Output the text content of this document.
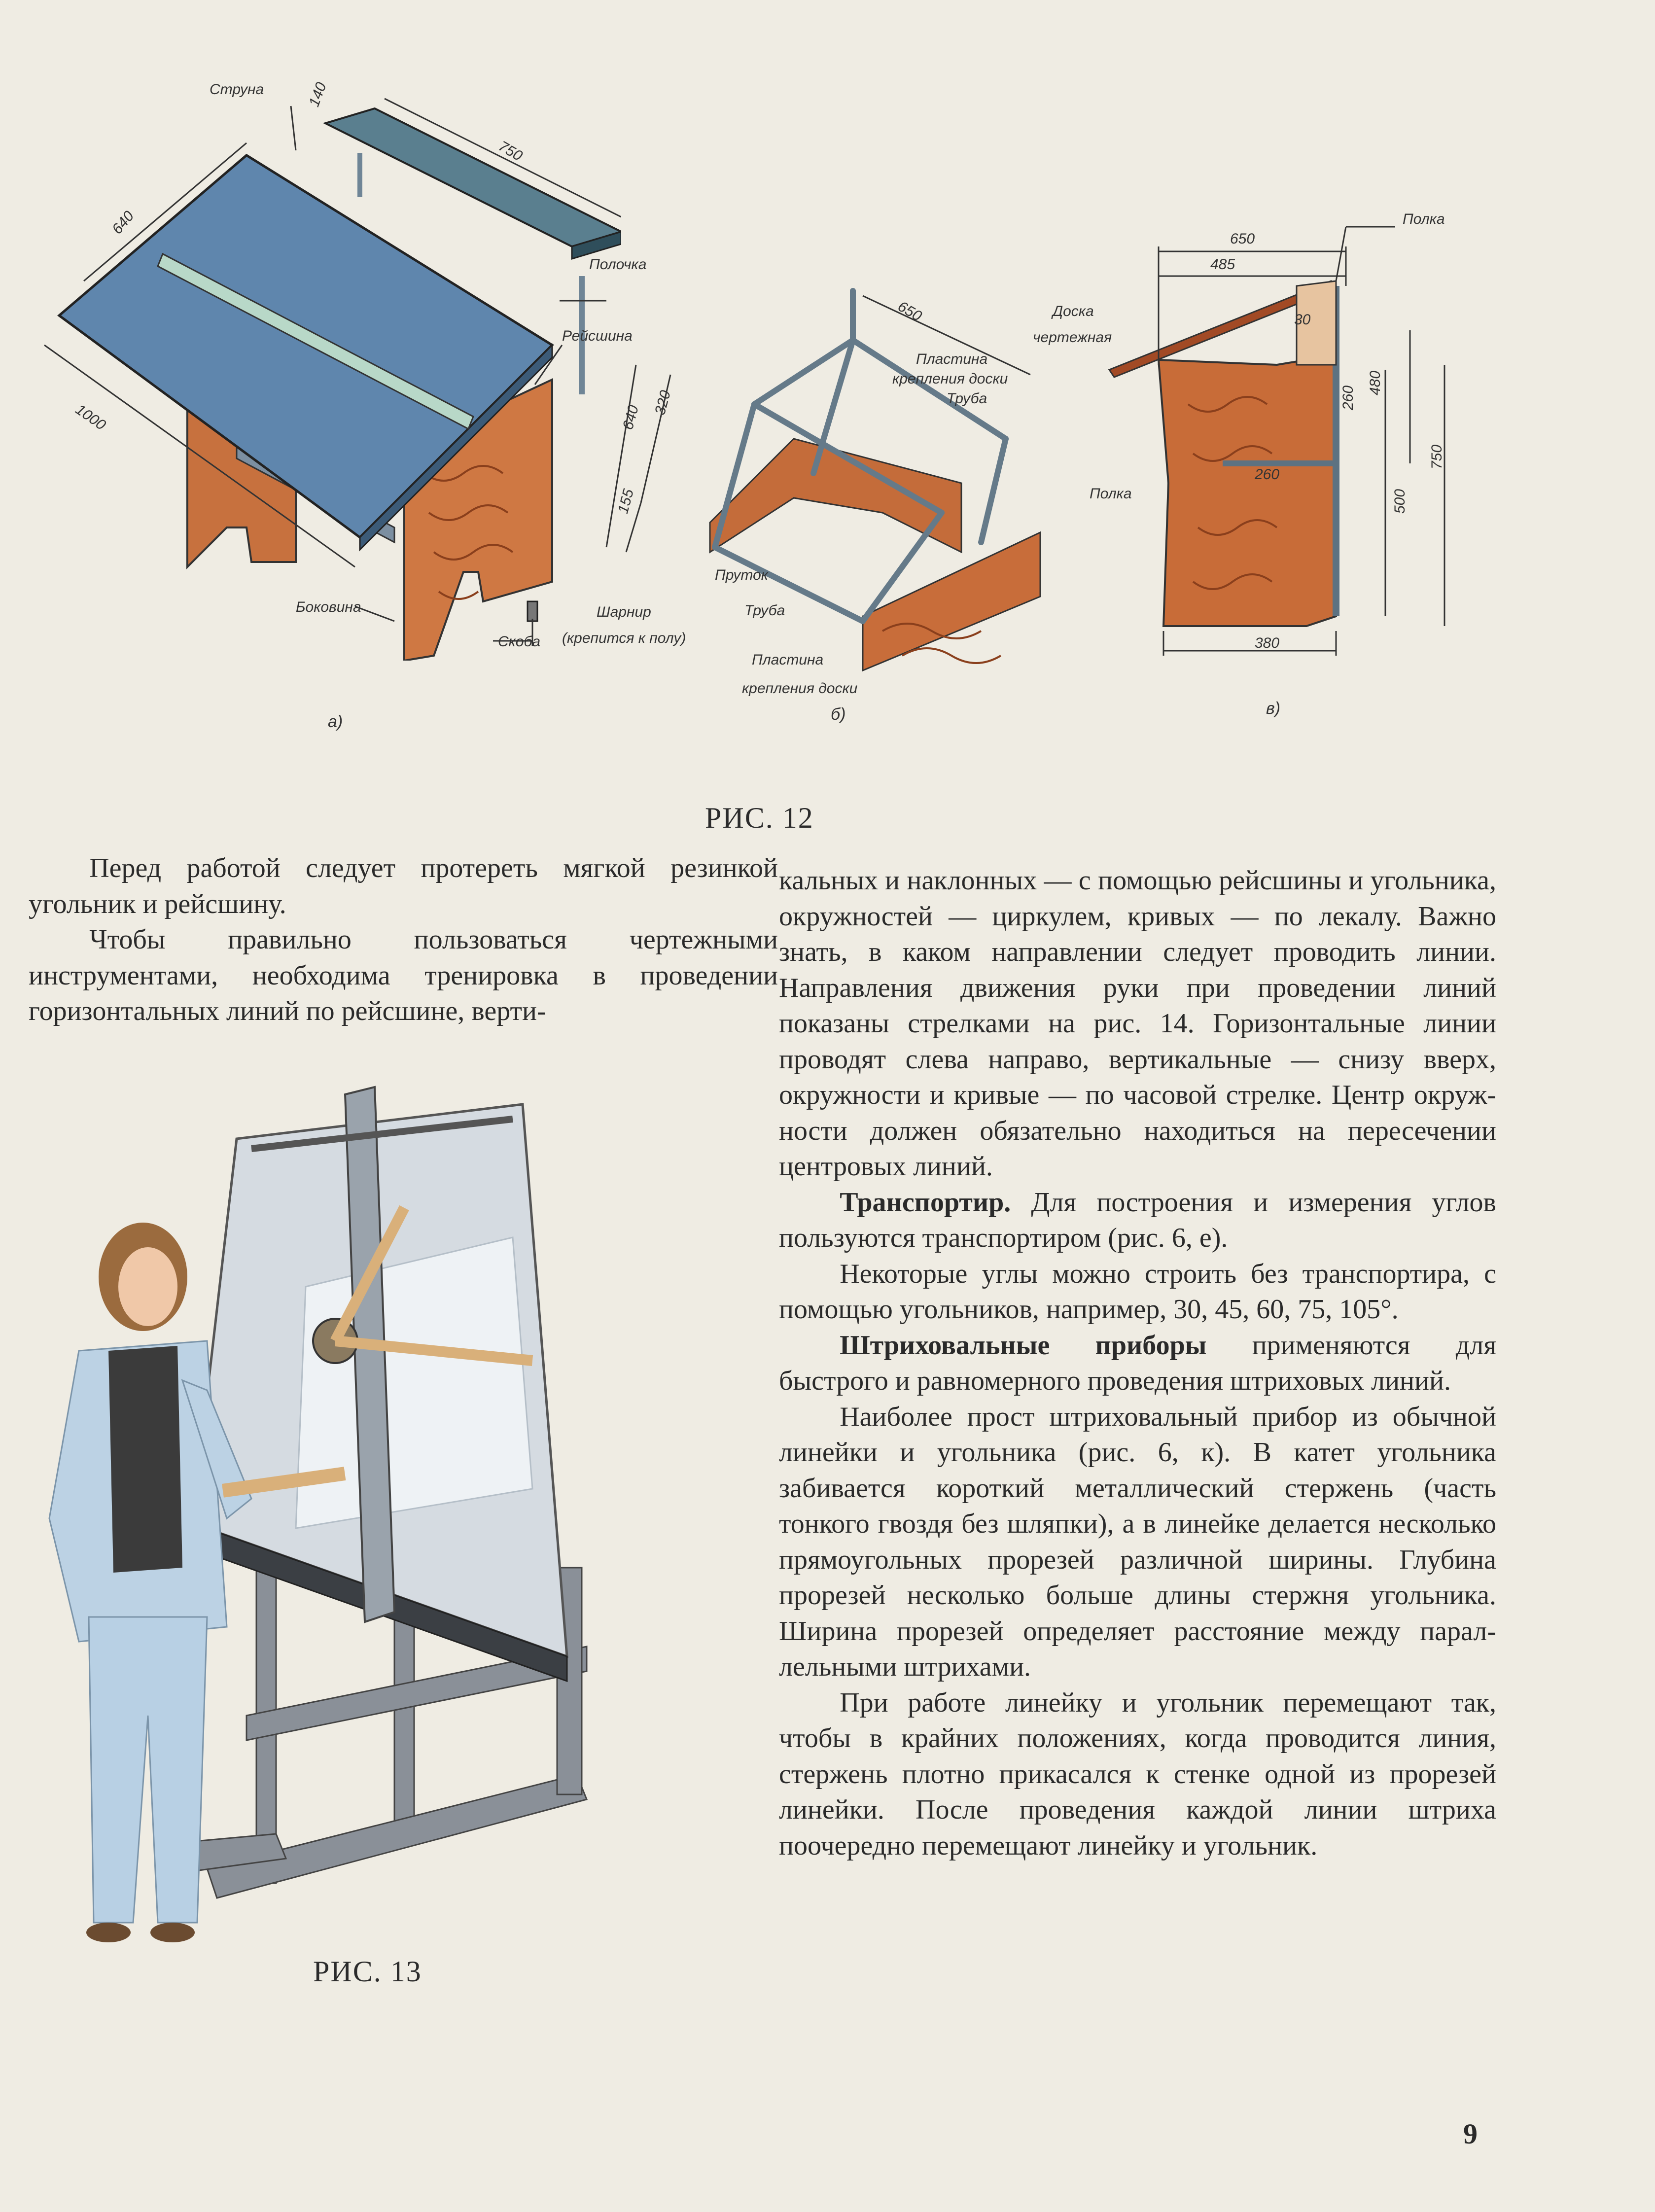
Струна	140
750
640
Полочка
Рейсшина
1000
Боковина	Шарнир
Скоба (крепится к полу)
а)
650
Пластина
крепления доски
Труба
640
320
155
Пруток
Труба
Пластина
крепления доски
б)
Полка
650
485
Доска
чертежная
30
260
480
260
Полка	500
750
380
в)
РИС. 12

Перед работой следует протереть мягкой резинкой угольник и рейсшину.

Чтобы правильно пользоваться чертежными инструментами, необходима тренировка в проведении горизонтальных линий по рейсшине, верти-

РИС. 13

кальных и наклонных — с помощью рейсшины и угольника, окружностей — циркулем, кривых — по лекалу. Важно знать, в каком направлении следует проводить линии. Направления движения руки при проведении линий показаны стрелками на рис. 14. Горизонтальные линии проводят слева направо, вертикальные — снизу вверх, окружности и кривые — по часовой стрелке. Центр окружности должен обязательно находиться на пересечении центровых линий.

Транспортир. Для построения и измерения углов пользуются транспортиром (рис. 6, е).

Некоторые углы можно строить без транспортира, с помощью угольников, например, 30, 45, 60, 75, 105°.

Штриховальные приборы применяются для быстрого и равномерного проведения штриховых линий.

Наиболее прост штриховальный прибор из обычной линейки и угольника (рис. 6, к). В катет угольника забивается короткий металлический стержень (часть тонкого гвоздя без шляпки), а в линейке делается несколько прямоугольных прорезей различной ширины. Глубина прорезей несколько больше длины стержня угольника. Ширина прорезей определяет расстояние между параллельными штрихами.

При работе линейку и угольник перемещают так, чтобы в крайних положениях, когда проводится линия, стержень плотно прикасался к стенке одной из прорезей линейки. После проведения каждой линии штриха поочередно перемещают линейку и угольник.

9
